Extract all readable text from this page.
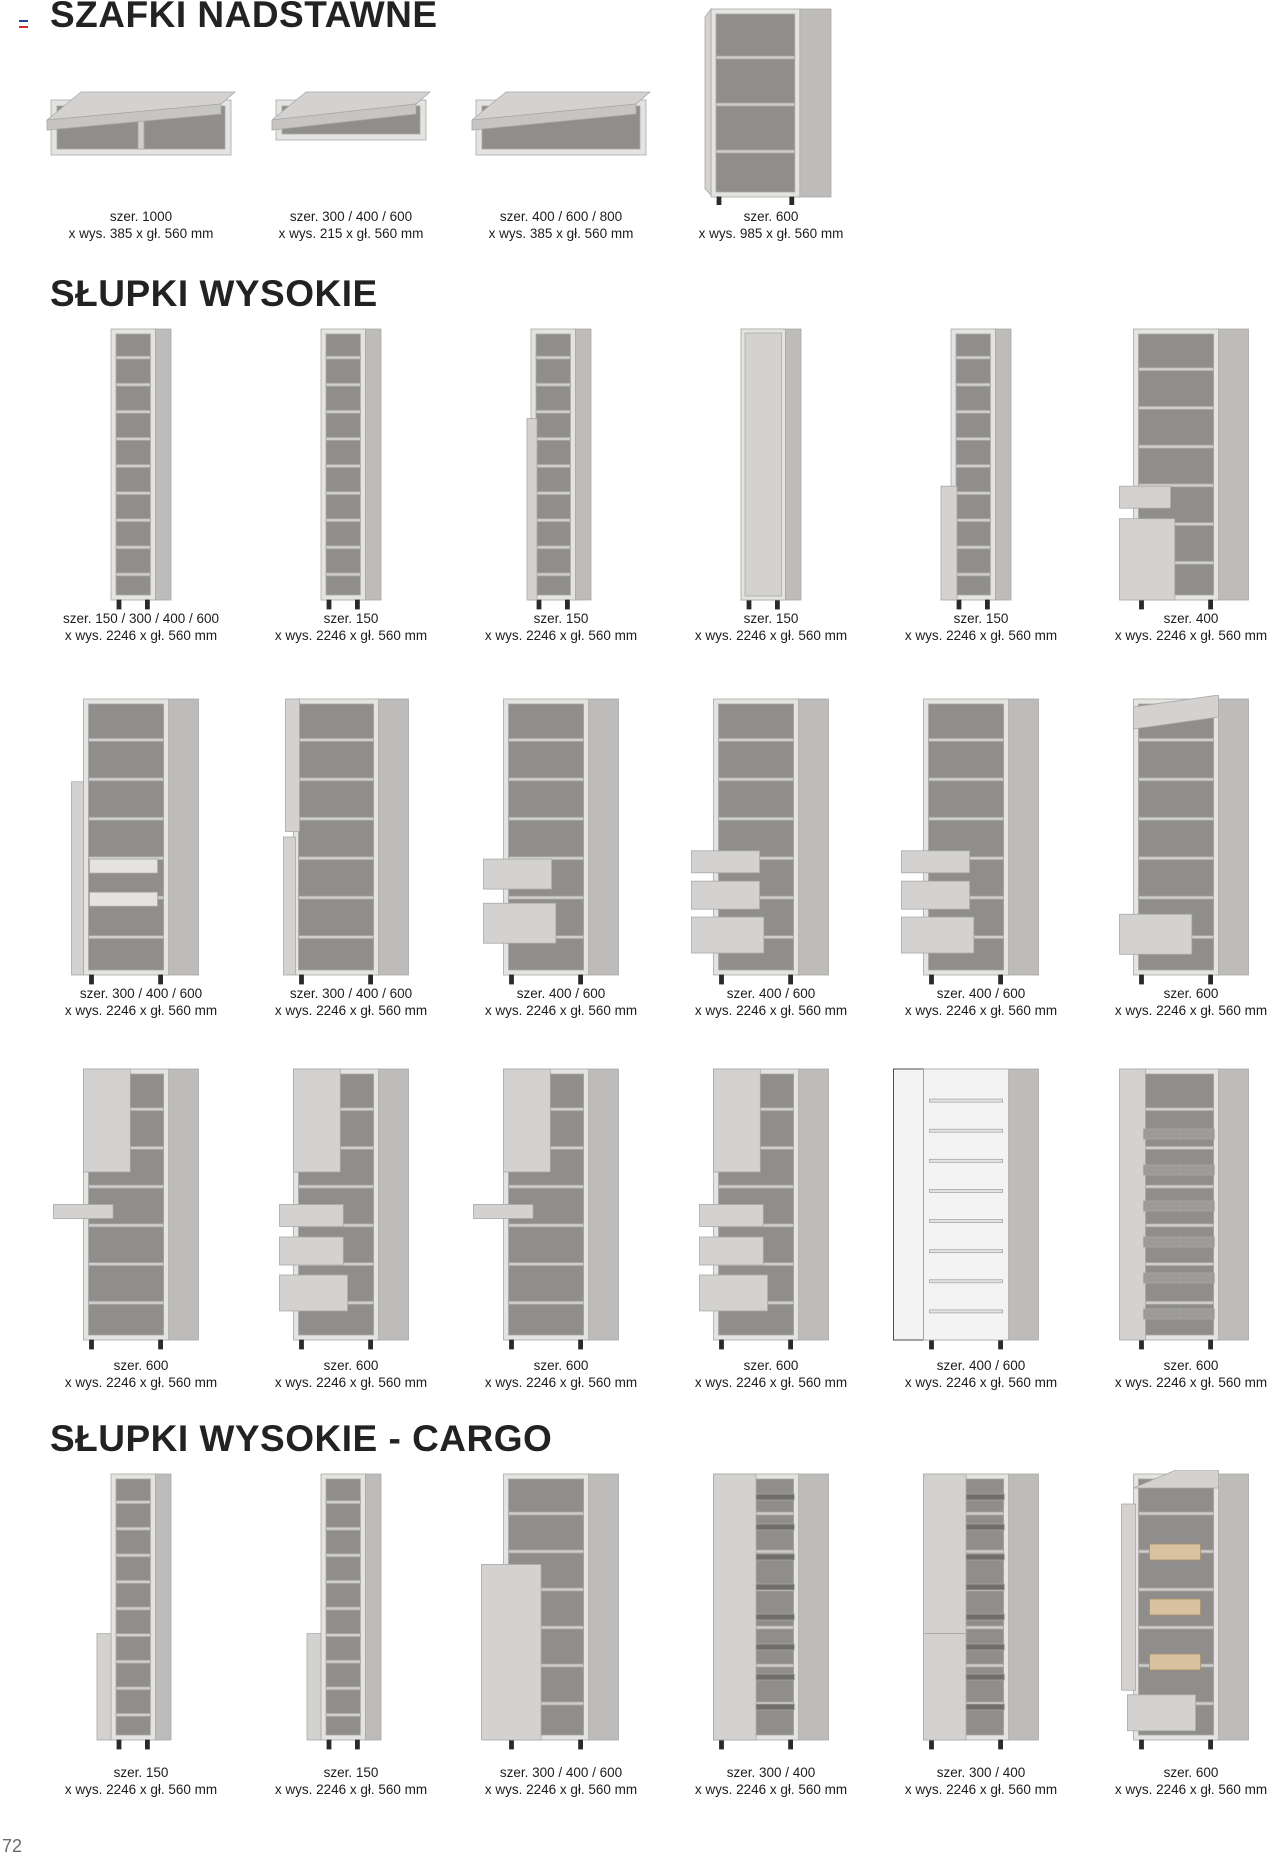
SZAFKI NADSTAWNE
SŁUPKI WYSOKIE
SŁUPKI WYSOKIE - CARGO
szer. 1000
x wys. 385 x gł. 560 mm
szer. 300 / 400 / 600
x wys. 215 x gł. 560 mm
szer. 400 / 600 / 800
x wys. 385 x gł. 560 mm
szer. 600
x wys. 985 x gł. 560 mm
szer. 150 / 300 / 400 / 600
x wys. 2246 x gł. 560 mm
szer. 150
x wys. 2246 x gł. 560 mm
szer. 150
x wys. 2246 x gł. 560 mm
szer. 150
x wys. 2246 x gł. 560 mm
szer. 150
x wys. 2246 x gł. 560 mm
szer. 400
x wys. 2246 x gł. 560 mm
szer. 300 / 400 / 600
x wys. 2246 x gł. 560 mm
szer. 300 / 400 / 600
x wys. 2246 x gł. 560 mm
szer. 400 / 600
x wys. 2246 x gł. 560 mm
szer. 400 / 600
x wys. 2246 x gł. 560 mm
szer. 400 / 600
x wys. 2246 x gł. 560 mm
szer. 600
x wys. 2246 x gł. 560 mm
szer. 600
x wys. 2246 x gł. 560 mm
szer. 600
x wys. 2246 x gł. 560 mm
szer. 600
x wys. 2246 x gł. 560 mm
szer. 600
x wys. 2246 x gł. 560 mm
szer. 400 / 600
x wys. 2246 x gł. 560 mm
szer. 600
x wys. 2246 x gł. 560 mm
szer. 150
x wys. 2246 x gł. 560 mm
szer. 150
x wys. 2246 x gł. 560 mm
szer. 300 / 400 / 600
x wys. 2246 x gł. 560 mm
szer. 300 / 400
x wys. 2246 x gł. 560 mm
szer. 300 / 400
x wys. 2246 x gł. 560 mm
szer. 600
x wys. 2246 x gł. 560 mm
72
